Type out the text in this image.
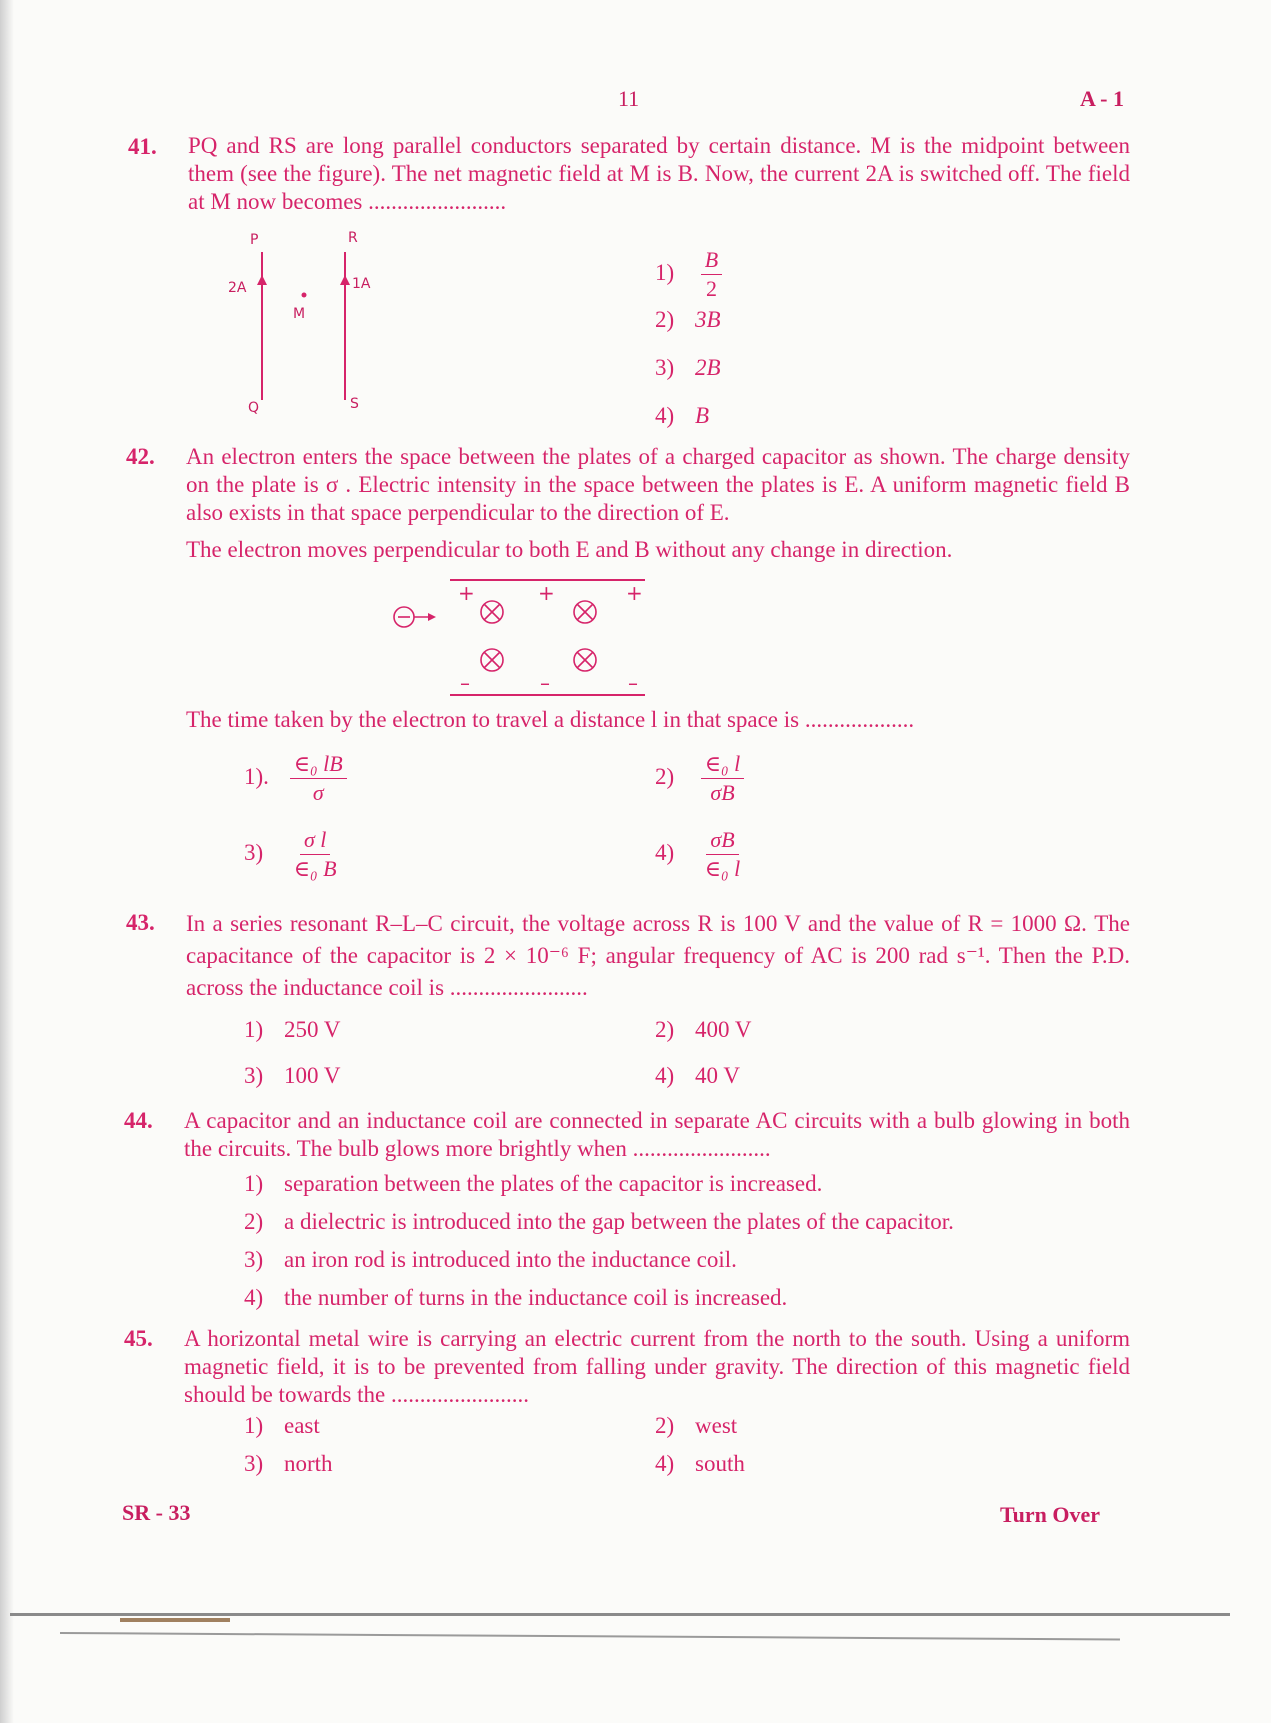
11	A - 1
41. PQ and RS are long parallel conductors separated by certain distance. M is the midpoint between them (see the figure). The net magnetic field at M is B. Now, the current 2A is switched off. The field at M now becomes ........................
P	R
2A	1A
M
Q	S
$1) \frac{B}{2}$
2) 3B
3) 2B
4) B
42. An electron enters the space between the plates of a charged capacitor as shown. The charge density on the plate is σ . Electric intensity in the space between the plates is E. A uniform magnetic field B also exists in that space perpendicular to the direction of E.
The electron moves perpendicular to both E and B without any change in direction.
+	+	+
–	–	–
The time taken by the electron to travel a distance l in that space is ...................
1). $\frac{\text{∈₀ lB}}{\sigma}$	$2) \frac{\text{∈₀ l}}{\sigma B}$
$3) \frac{\text{σ l}}{\text{∈₀ B}}$	$4) \frac{\sigma B}{\text{∈₀ l}}$
43. In a series resonant R–L–C circuit, the voltage across R is 100 V and the value of R = 1000 Ω. The capacitance of the capacitor is 2 × 10⁻⁶ F; angular frequency of AC is 200 rad s⁻¹. Then the P.D. across the inductance coil is ........................
1) 250 V	2) 400 V
3) 100 V	4) 40 V
44. A capacitor and an inductance coil are connected in separate AC circuits with a bulb glowing in both the circuits. The bulb glows more brightly when ........................
1) separation between the plates of the capacitor is increased.
2) a dielectric is introduced into the gap between the plates of the capacitor.
3) an iron rod is introduced into the inductance coil.
4) the number of turns in the inductance coil is increased.
45. A horizontal metal wire is carrying an electric current from the north to the south. Using a uniform magnetic field, it is to be prevented from falling under gravity. The direction of this magnetic field should be towards the ........................
1) east	2) west
3) north	4) south
SR - 33	Turn Over
